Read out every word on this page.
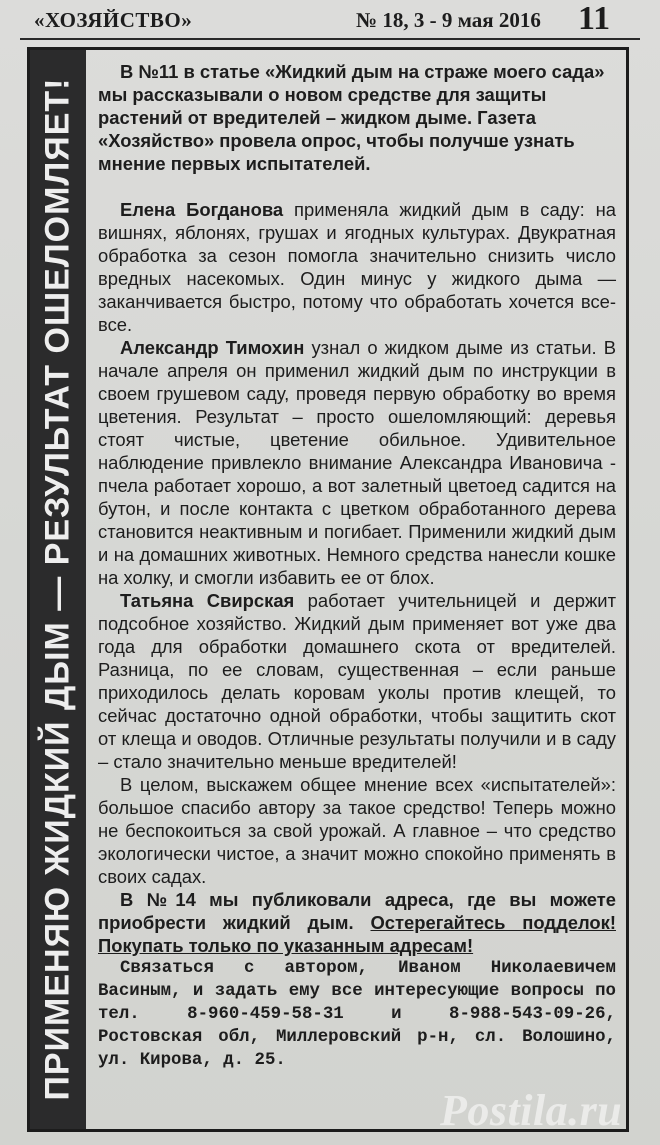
«ХОЗЯЙСТВО»	№ 18, 3 - 9 мая 2016 11
ПРИМЕНЯЮ ЖИДКИЙ ДЫМ — РЕЗУЛЬТАТ ОШЕЛОМЛЯЕТ!

В №11 в статье «Жидкий дым на страже моего сада» мы рассказывали о новом средстве для защиты растений от вредителей – жидком дыме. Газета «Хозяйство» провела опрос, чтобы получше узнать мнение первых испытателей.

Елена Богданова применяла жидкий дым в саду: на вишнях, яблонях, грушах и ягодных культурах. Двукратная обработка за сезон помогла значительно снизить число вредных насекомых. Один минус у жидкого дыма — заканчивается быстро, потому что обработать хочется все-все.

Александр Тимохин узнал о жидком дыме из статьи. В начале апреля он применил жидкий дым по инструкции в своем грушевом саду, проведя первую обработку во время цветения. Результат – просто ошеломляющий: деревья стоят чистые, цветение обильное. Удивительное наблюдение привлекло внимание Александра Ивановича - пчела работает хорошо, а вот залетный цветоед садится на бутон, и после контакта с цветком обработанного дерева становится неактивным и погибает. Применили жидкий дым и на домашних животных. Немного средства нанесли кошке на холку, и смогли избавить ее от блох.

Татьяна Свирская работает учительницей и держит подсобное хозяйство. Жидкий дым применяет вот уже два года для обработки домашнего скота от вредителей. Разница, по ее словам, существенная – если раньше приходилось делать коровам уколы против клещей, то сейчас достаточно одной обработки, чтобы защитить скот от клеща и оводов. Отличные результаты получили и в саду – стало значительно меньше вредителей!

В целом, выскажем общее мнение всех «испытателей»: большое спасибо автору за такое средство! Теперь можно не беспокоиться за свой урожай. А главное – что средство экологически чистое, а значит можно спокойно применять в своих садах.

В №14 мы публиковали адреса, где вы можете приобрести жидкий дым. Остерегайтесь подделок! Покупать только по указанным адресам!

Связаться с автором, Иваном Николаевичем Васиным, и задать ему все интересующие вопросы по тел. 8-960-459-58-31 и 8-988-543-09-26, Ростовская обл, Миллеровский р-н, сл. Волошино, ул. Кирова, д. 25.

Postila.ru
